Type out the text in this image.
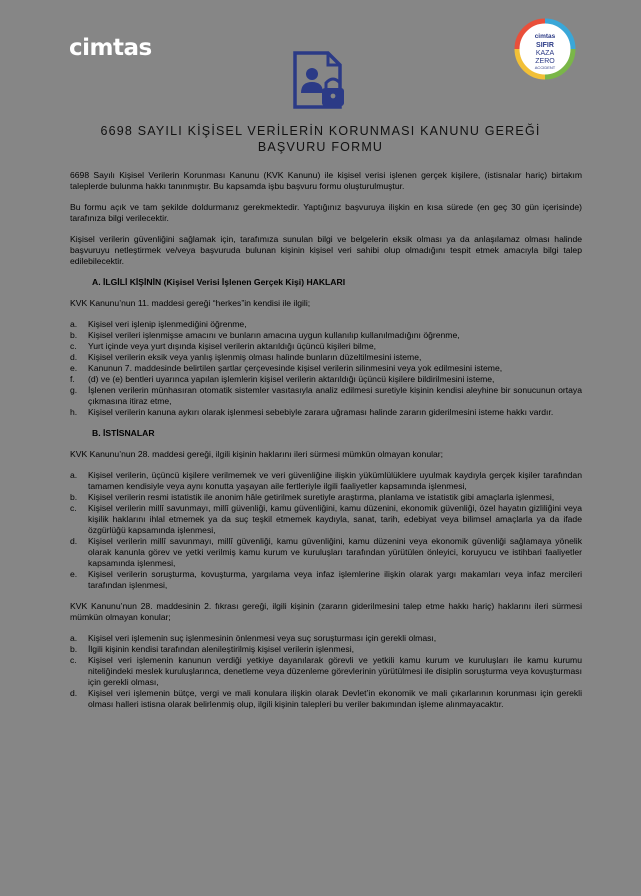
cimtas	cimtas
SIFIR
KAZA
ZERO
ACCIDENT
6698 SAYILI KİŞİSEL VERİLERİN KORUNMASI KANUNU GEREĞİ
BAŞVURU FORMU

6698 Sayılı Kişisel Verilerin Korunması Kanunu (KVK Kanunu) ile kişisel verisi işlenen gerçek kişilere, (istisnalar hariç) birtakım taleplerde bulunma hakkı tanınmıştır. Bu kapsamda işbu başvuru formu oluşturulmuştur.

Bu formu açık ve tam şekilde doldurmanız gerekmektedir. Yaptığınız başvuruya ilişkin en kısa sürede (en geç 30 gün içerisinde) tarafınıza bilgi verilecektir.

Kişisel verilerin güvenliğini sağlamak için, tarafımıza sunulan bilgi ve belgelerin eksik olması ya da anlaşılamaz olması halinde başvuruyu netleştirmek ve/veya başvuruda bulunan kişinin kişisel veri sahibi olup olmadığını tespit etmek amacıyla bilgi talep edilebilecektir.

A. İLGİLİ KİŞİNİN (Kişisel Verisi İşlenen Gerçek Kişi) HAKLARI

KVK Kanunu’nun 11. maddesi gereği “herkes”in kendisi ile ilgili;

a.	Kişisel veri işlenip işlenmediğini öğrenme,
b.	Kişisel verileri işlenmişse amacını ve bunların amacına uygun kullanılıp kullanılmadığını öğrenme,
c.	Yurt içinde veya yurt dışında kişisel verilerin aktarıldığı üçüncü kişileri bilme,
d.	Kişisel verilerin eksik veya yanlış işlenmiş olması halinde bunların düzeltilmesini isteme,
e.	Kanunun 7. maddesinde belirtilen şartlar çerçevesinde kişisel verilerin silinmesini veya yok edilmesini isteme,
f.	(d) ve (e) bentleri uyarınca yapılan işlemlerin kişisel verilerin aktarıldığı üçüncü kişilere bildirilmesini isteme,
g.	İşlenen verilerin münhasıran otomatik sistemler vasıtasıyla analiz edilmesi suretiyle kişinin kendisi aleyhine bir sonucunun ortaya çıkmasına itiraz etme,
h.	Kişisel verilerin kanuna aykırı olarak işlenmesi sebebiyle zarara uğraması halinde zararın giderilmesini isteme hakkı vardır.

B. İSTİSNALAR

KVK Kanunu’nun 28. maddesi gereği, ilgili kişinin haklarını ileri sürmesi mümkün olmayan konular;

a.	Kişisel verilerin, üçüncü kişilere verilmemek ve veri güvenliğine ilişkin yükümlülüklere uyulmak kaydıyla gerçek kişiler tarafından tamamen kendisiyle veya aynı konutta yaşayan aile fertleriyle ilgili faaliyetler kapsamında işlenmesi,
b.	Kişisel verilerin resmi istatistik ile anonim hâle getirilmek suretiyle araştırma, planlama ve istatistik gibi amaçlarla işlenmesi,
c.	Kişisel verilerin millî savunmayı, millî güvenliği, kamu güvenliğini, kamu düzenini, ekonomik güvenliği, özel hayatın gizliliğini veya kişilik haklarını ihlal etmemek ya da suç teşkil etmemek kaydıyla, sanat, tarih, edebiyat veya bilimsel amaçlarla ya da ifade özgürlüğü kapsamında işlenmesi,
d.	Kişisel verilerin millî savunmayı, millî güvenliği, kamu güvenliğini, kamu düzenini veya ekonomik güvenliği sağlamaya yönelik olarak kanunla görev ve yetki verilmiş kamu kurum ve kuruluşları tarafından yürütülen önleyici, koruyucu ve istihbari faaliyetler kapsamında işlenmesi,
e.	Kişisel verilerin soruşturma, kovuşturma, yargılama veya infaz işlemlerine ilişkin olarak yargı makamları veya infaz mercileri tarafından işlenmesi,

KVK Kanunu’nun 28. maddesinin 2. fıkrası gereği, ilgili kişinin (zararın giderilmesini talep etme hakkı hariç) haklarını ileri sürmesi mümkün olmayan konular;

a.	Kişisel veri işlemenin suç işlenmesinin önlenmesi veya suç soruşturması için gerekli olması,
b.	İlgili kişinin kendisi tarafından alenileştirilmiş kişisel verilerin işlenmesi,
c.	Kişisel veri işlemenin kanunun verdiği yetkiye dayanılarak görevli ve yetkili kamu kurum ve kuruluşları ile kamu kurumu niteliğindeki meslek kuruluşlarınca, denetleme veya düzenleme görevlerinin yürütülmesi ile disiplin soruşturma veya kovuşturması için gerekli olması,
d.	Kişisel veri işlemenin bütçe, vergi ve mali konulara ilişkin olarak Devlet’in ekonomik ve mali çıkarlarının korunması için gerekli olması halleri istisna olarak belirlenmiş olup, ilgili kişinin talepleri bu veriler bakımından işleme alınmayacaktır.
